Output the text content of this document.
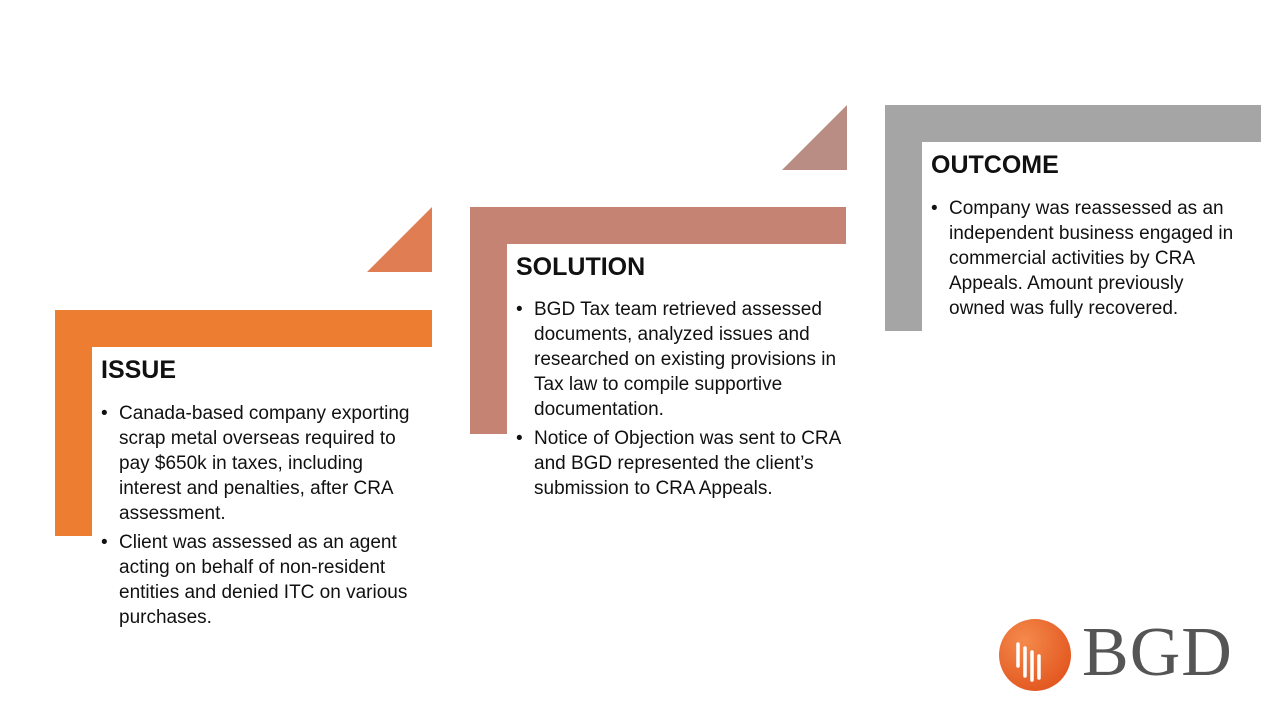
ISSUE
• Canada-based company exporting scrap metal overseas required to pay $650k in taxes, including interest and penalties, after CRA assessment.
• Client was assessed as an agent acting on behalf of non-resident entities and denied ITC on various purchases.
SOLUTION
• BGD Tax team retrieved assessed documents, analyzed issues and researched on existing provisions in Tax law to compile supportive documentation.
• Notice of Objection was sent to CRA and BGD represented the client’s submission to CRA Appeals.
OUTCOME
• Company was reassessed as an independent business engaged in commercial activities by CRA Appeals. Amount previously owned was fully recovered.
BGD
